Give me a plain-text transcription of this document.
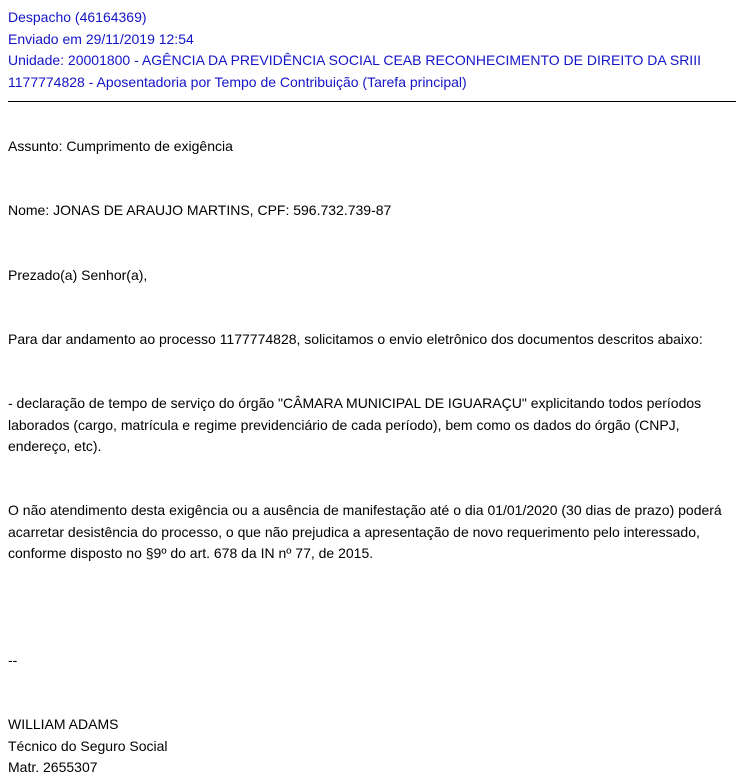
Despacho (46164369)
Enviado em 29/11/2019 12:54
Unidade: 20001800 - AGÊNCIA DA PREVIDÊNCIA SOCIAL CEAB RECONHECIMENTO DE DIREITO DA SRIII
1177774828 - Aposentadoria por Tempo de Contribuição (Tarefa principal)
Assunto: Cumprimento de exigência
Nome: JONAS DE ARAUJO MARTINS, CPF: 596.732.739-87
Prezado(a) Senhor(a),
Para dar andamento ao processo 1177774828, solicitamos o envio eletrônico dos documentos descritos abaixo:
- declaração de tempo de serviço do órgão "CÂMARA MUNICIPAL DE IGUARAÇU" explicitando todos períodos
laborados (cargo, matrícula e regime previdenciário de cada período), bem como os dados do órgão (CNPJ,
endereço, etc).
O não atendimento desta exigência ou a ausência de manifestação até o dia 01/01/2020 (30 dias de prazo) poderá
acarretar desistência do processo, o que não prejudica a apresentação de novo requerimento pelo interessado,
conforme disposto no §9º do art. 678 da IN nº 77, de 2015.
--
WILLIAM ADAMS
Técnico do Seguro Social
Matr. 2655307
